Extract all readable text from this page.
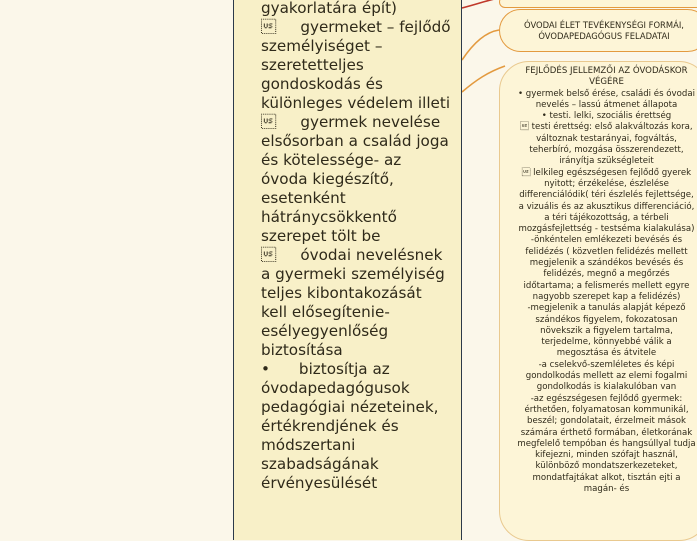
gyakorlatára épít)

     gyermeket – fejlődő személyiséget – szeretetteljes gondoskodás és különleges védelem illeti

     gyermek nevelése elsősorban a család joga és kötelessége- az óvoda kiegészítő, esetenként hátránycsökkentő szerepet tölt be

     óvodai nevelésnek a gyermeki személyiség teljes kibontakozását kell elősegítenie-esélyegyenlőség biztosítása

•      biztosítja az óvodapedagógusok pedagógiai nézeteinek, értékrendjének és módszertani szabadságának érvényesülését

ÓVODAI ÉLET TEVÉKENYSÉGI FORMÁI, ÓVODAPEDAGÓGUS FELADATAI

FEJLŐDÉS JELLEMZŐI AZ ÓVODÁSKOR VÉGÉRE

• gyermek belső érése, családi és óvodai nevelés – lassú átmenet állapota

• testi. lelki, szociális érettség

 testi érettség: első alakváltozás kora, változnak testarányai, fogváltás, teherbíró, mozgása összerendezett, irányítja szükségleteit

 lelkileg egészségesen fejlődő gyerek nyitott; érzékelése, észlelése differenciálódik( téri észlelés fejlettsége, a vizuális és az akusztikus differenciáció, a téri tájékozottság, a térbeli mozgásfejlettség - testséma kialakulása)

-önkéntelen emlékezeti bevésés és felidézés ( közvetlen felidézés mellett megjelenik a szándékos bevésés és felidézés, megnő a megőrzés időtartama; a felismerés mellett egyre nagyobb szerepet kap a felidézés)

-megjelenik a tanulás alapját képező szándékos figyelem, fokozatosan növekszik a figyelem tartalma, terjedelme, könnyebbé válik a megosztása és átvitele

-a cselekvő-szemléletes és képi gondolkodás mellett az elemi fogalmi gondolkodás is kialakulóban van

-az egészségesen fejlődő gyermek: érthetően, folyamatosan kommunikál, beszél; gondolatait, érzelmeit mások számára érthető formában, életkorának megfelelő tempóban és hangsúllyal tudja kifejezni, minden szófajt használ, különböző mondatszerkezeteket, mondatfajtákat alkot, tisztán ejti a magán- és
